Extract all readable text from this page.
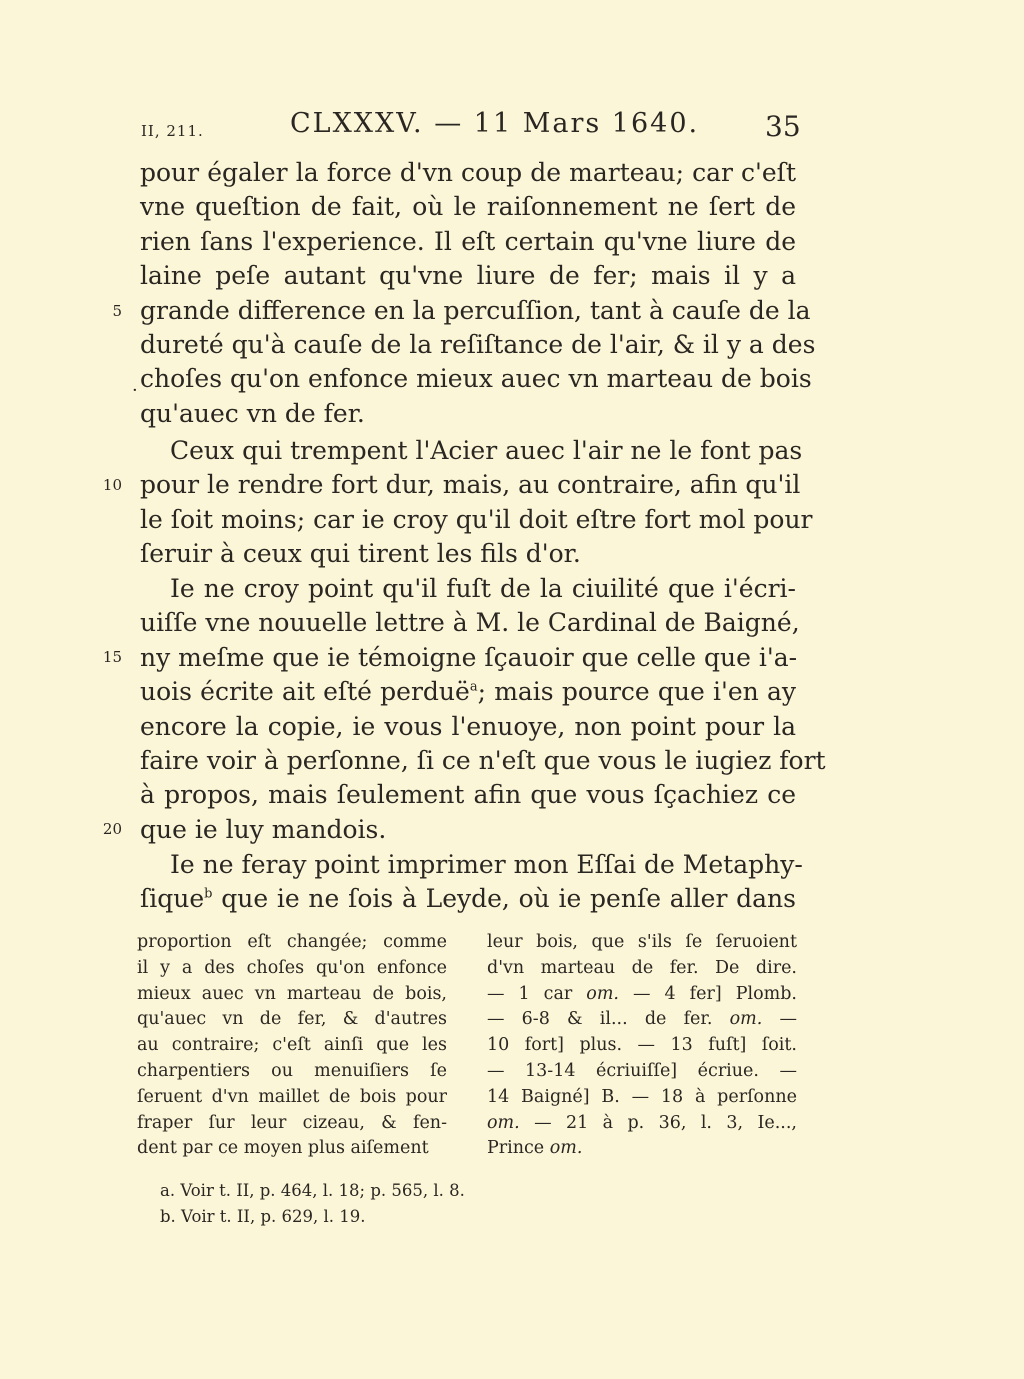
II, 211.	CLXXXV. — 11 Mars 1640. 35
5
10
15
20
·
pour égaler la force d'vn coup de marteau; car c'eſt
vne queſtion de fait, où le raiſonnement ne ſert de
rien ſans l'experience. Il eſt certain qu'vne liure de
laine peſe autant qu'vne liure de fer; mais il y a
grande difference en la percuſſion, tant à cauſe de la
dureté qu'à cauſe de la reſiſtance de l'air, & il y a des
choſes qu'on enfonce mieux auec vn marteau de bois
qu'auec vn de fer.
Ceux qui trempent l'Acier auec l'air ne le font pas
pour le rendre fort dur, mais, au contraire, afin qu'il
le ſoit moins; car ie croy qu'il doit eſtre fort mol pour
ſeruir à ceux qui tirent les fils d'or.
Ie ne croy point qu'il fuſt de la ciuilité que i'écri-
uiſſe vne nouuelle lettre à M. le Cardinal de Baigné,
ny meſme que ie témoigne ſçauoir que celle que i'a-
uois écrite ait eſté perduë$^a$; mais pource que i'en ay
encore la copie, ie vous l'enuoye, non point pour la
faire voir à perſonne, ſi ce n'eſt que vous le iugiez fort
à propos, mais ſeulement afin que vous ſçachiez ce
que ie luy mandois.
Ie ne feray point imprimer mon Eſſai de Metaphy-
ſique$^b$ que ie ne ſois à Leyde, où ie penſe aller dans
proportion eſt changée; comme
il y a des choſes qu'on enfonce
mieux auec vn marteau de bois,
qu'auec vn de fer, & d'autres
au contraire; c'eſt ainſi que les
charpentiers ou menuiſiers ſe
ſeruent d'vn maillet de bois pour
fraper ſur leur cizeau, & fen-
dent par ce moyen plus aiſement
leur bois, que s'ils ſe ſeruoient
d'vn marteau de fer. De dire.
— 1 car om. — 4 fer] Plomb.
— 6-8 & il... de fer. om. —
10 fort] plus. — 13 fuſt] ſoit.
— 13-14 écriuiſſe] écriue. —
14 Baigné] B. — 18 à perſonne
om. — 21 à p. 36, l. 3, Ie...,
Prince om.
a. Voir t. II, p. 464, l. 18; p. 565, l. 8.
b. Voir t. II, p. 629, l. 19.
